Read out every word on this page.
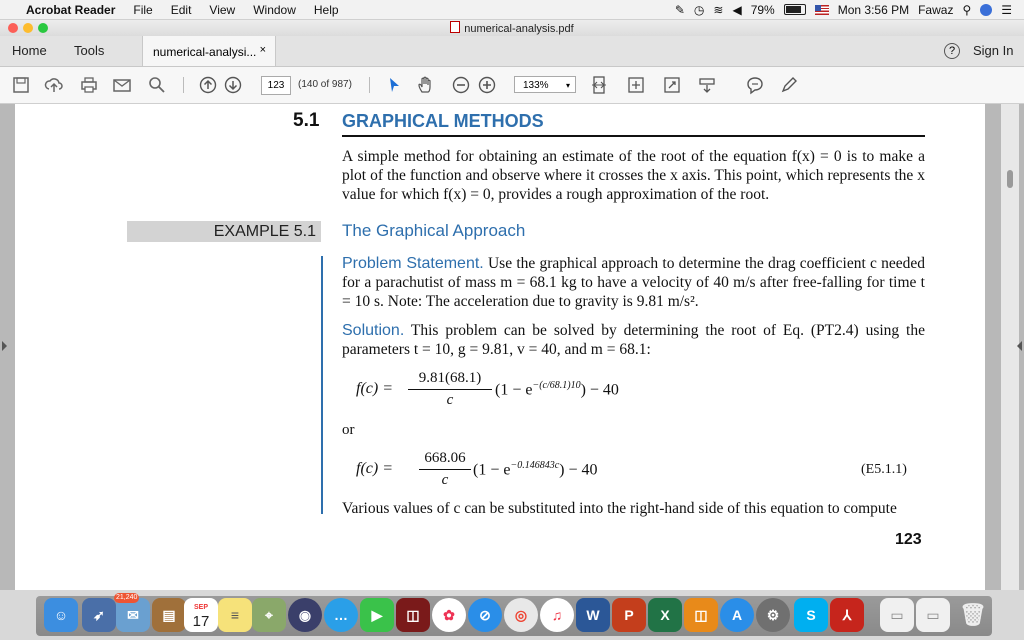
Acrobat Reader File Edit View Window Help	✎ ◷ ≋ ◀ 79%	Mon 3:56 PM Fawaz ⚲	☰
numerical-analysis.pdf
Home Tools	numerical-analysi... ×	?	Sign In
123	(140 of 987)	133% ▾
5.1 GRAPHICAL METHODS
A simple method for obtaining an estimate of the root of the equation f(x) = 0 is to make a plot of the function and observe where it crosses the x axis. This point, which represents the x value for which f(x) = 0, provides a rough approximation of the root.
EXAMPLE 5.1 The Graphical Approach
Problem Statement. Use the graphical approach to determine the drag coefficient c needed for a parachutist of mass m = 68.1 kg to have a velocity of 40 m/s after free-falling for time t = 10 s. Note: The acceleration due to gravity is 9.81 m/s².
Solution. This problem can be solved by determining the root of Eq. (PT2.4) using the parameters t = 10, g = 9.81, v = 40, and m = 68.1:
f(c) =
9.81(68.1)
c
$(1 - e^{-(c/68.1)10}) - 40$
or
f(c) =
668.06
c
$(1 - e^{-0.146843c}) - 40$	(E5.1.1)
Various values of c can be substituted into the right-hand side of this equation to compute
123
☺	➶	✉
21,240
▤	SEP
17	≡	⌖	◉	…	▶	◫	✿	⊘	◎	♫	W	P	X	◫	A	⚙	S	⅄	▭	▭ 🗑
